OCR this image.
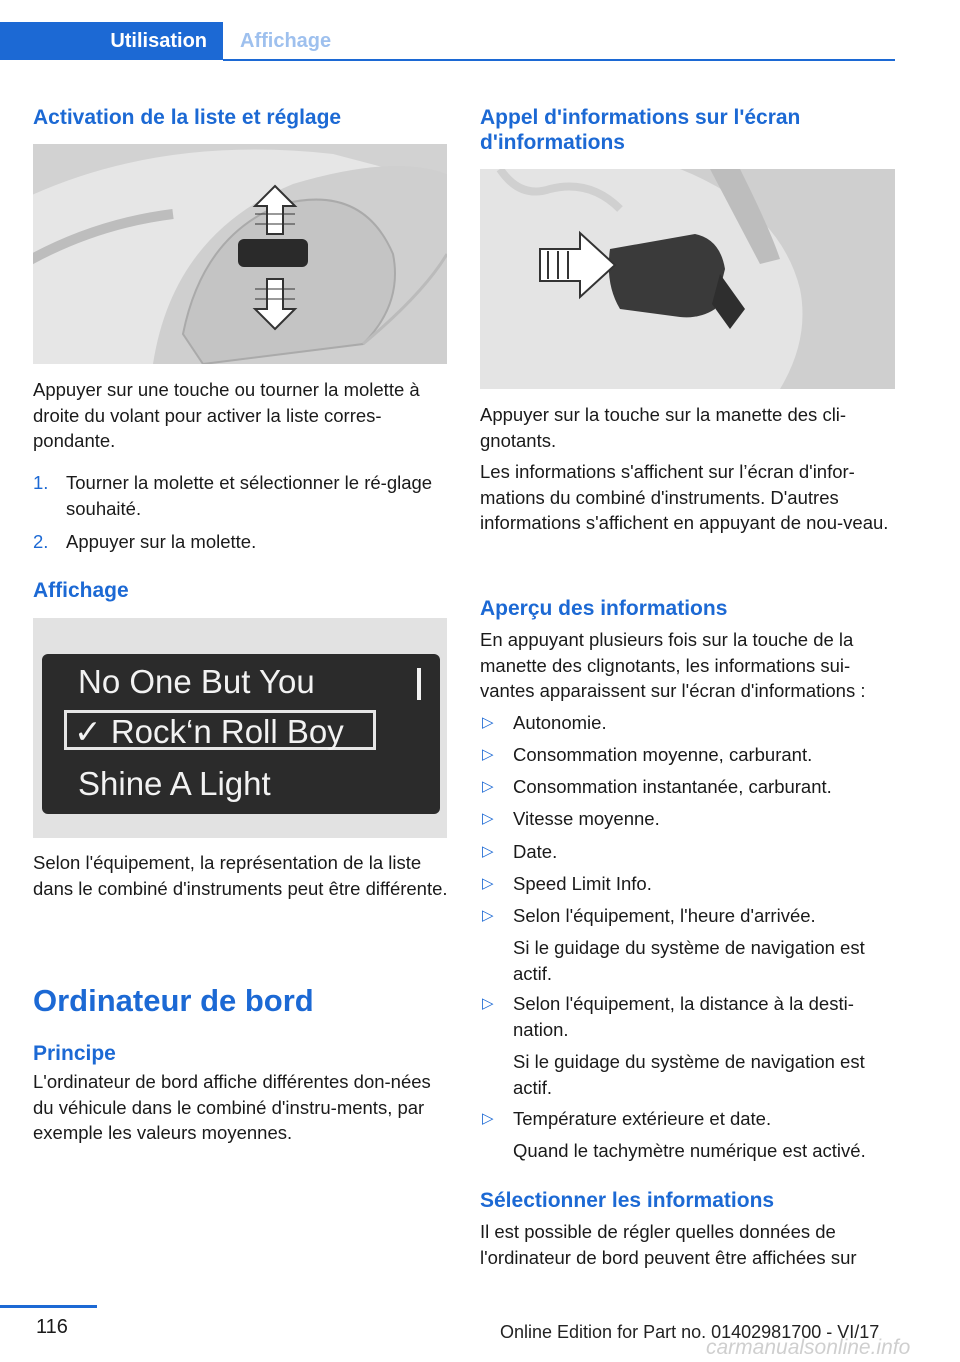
Utilisation	Affichage
Activation de la liste et réglage

Appuyer sur une touche ou tourner la molette à droite du volant pour activer la liste corres-pondante.

1. Tourner la molette et sélectionner le ré-glage souhaité.
2. Appuyer sur la molette.
Affichage
No One But You
✓ Rock‘n Roll Boy
Shine A Light

Selon l'équipement, la représentation de la liste dans le combiné d'instruments peut être différente.

Ordinateur de bord
Principe

L'ordinateur de bord affiche différentes don-nées du véhicule dans le combiné d'instru-ments, par exemple les valeurs moyennes.

Appel d'informations sur l'écran d'informations

Appuyer sur la touche sur la manette des cli-gnotants.

Les informations s'affichent sur l’écran d'infor-mations du combiné d'instruments. D'autres informations s'affichent en appuyant de nou-veau.

Aperçu des informations

En appuyant plusieurs fois sur la touche de la manette des clignotants, les informations sui-vantes apparaissent sur l'écran d'informations :

▷ Autonomie.
▷ Consommation moyenne, carburant.
▷ Consommation instantanée, carburant.
▷ Vitesse moyenne.
▷ Date.
▷ Speed Limit Info.
▷ Selon l'équipement, l'heure d'arrivée.

Si le guidage du système de navigation est actif.

▷ Selon l'équipement, la distance à la desti-nation.

Si le guidage du système de navigation est actif.

▷ Température extérieure et date.

Quand le tachymètre numérique est activé.

Sélectionner les informations

Il est possible de régler quelles données de l'ordinateur de bord peuvent être affichées sur

116	Online Edition for Part no. 01402981700 - VI/17
carmanualsonline.info
